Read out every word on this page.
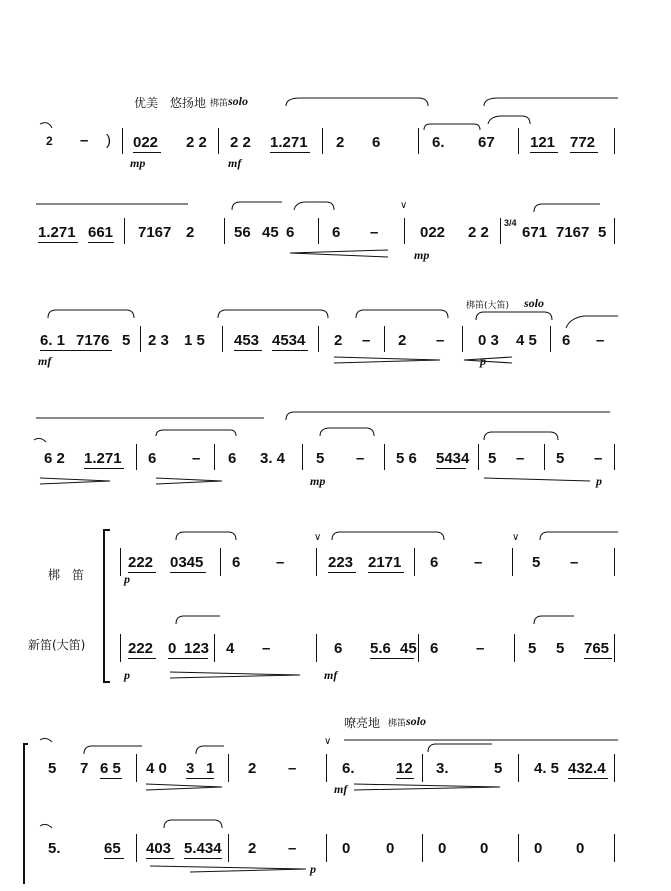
优美　悠扬地 梆笛 solo
2 – ) 022 2 2 2 2 1.271 2 6	6. 67 121 772
mp	mf
1.271 661 7167 2	56 45 6	6 –	022 2 2
3/4
671 7167 5
mp
∨
梆笛(大笛) solo
6. 1 7176 5 2 3 1 5 453 4534 2 – 2 – 0 3 4 5 6 –
mf	p
6 2 1.271 6 – 6 3. 4 5 – 5 6 5434 5 – 5 –
mp	p
梆　笛
新笛(大笛)
222 0345 6 –	223 2171 6 –	5 –
p
∨	∨
222 0 123 4 –	6 5.6 45 6	–	5 5 765
p	mf
嘹亮地 梆笛 solo
∨
5 7 6 5 4 0 3 1 2 –	6.	12 3.	5 4. 5 432.4
mf
5.	65 403 5.434 2 –	0 0	0 0	0 0
p
